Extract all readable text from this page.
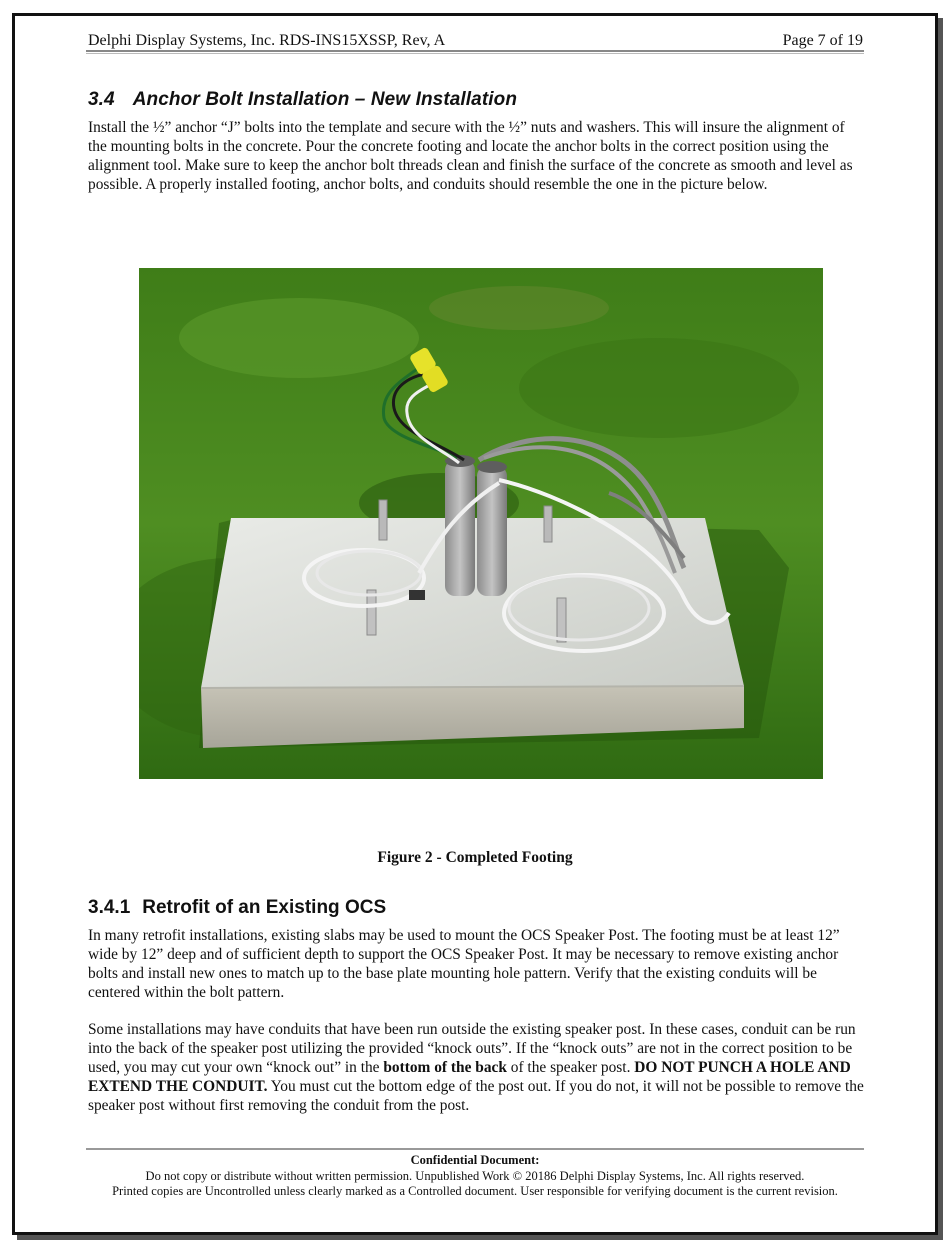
Delphi Display Systems, Inc. RDS-INS15XSSP, Rev, A	Page 7 of 19
3.4 Anchor Bolt Installation – New Installation

Install the ½” anchor “J” bolts into the template and secure with the ½” nuts and washers. This will insure the alignment of the mounting bolts in the concrete. Pour the concrete footing and locate the anchor bolts in the correct position using the alignment tool. Make sure to keep the anchor bolt threads clean and finish the surface of the concrete as smooth and level as possible. A properly installed footing, anchor bolts, and conduits should resemble the one in the picture below.

Figure 2 - Completed Footing
3.4.1 Retrofit of an Existing OCS

In many retrofit installations, existing slabs may be used to mount the OCS Speaker Post. The footing must be at least 12” wide by 12” deep and of sufficient depth to support the OCS Speaker Post. It may be necessary to remove existing anchor bolts and install new ones to match up to the base plate mounting hole pattern. Verify that the existing conduits will be centered within the bolt pattern.

Some installations may have conduits that have been run outside the existing speaker post. In these cases, conduit can be run into the back of the speaker post utilizing the provided “knock outs”. If the “knock outs” are not in the correct position to be used, you may cut your own “knock out” in the bottom of the back of the speaker post. DO NOT PUNCH A HOLE AND EXTEND THE CONDUIT. You must cut the bottom edge of the post out. If you do not, it will not be possible to remove the speaker post without first removing the conduit from the post.

Confidential Document:
Do not copy or distribute without written permission. Unpublished Work © 20186 Delphi Display Systems, Inc. All rights reserved.
Printed copies are Uncontrolled unless clearly marked as a Controlled document. User responsible for verifying document is the current revision.
